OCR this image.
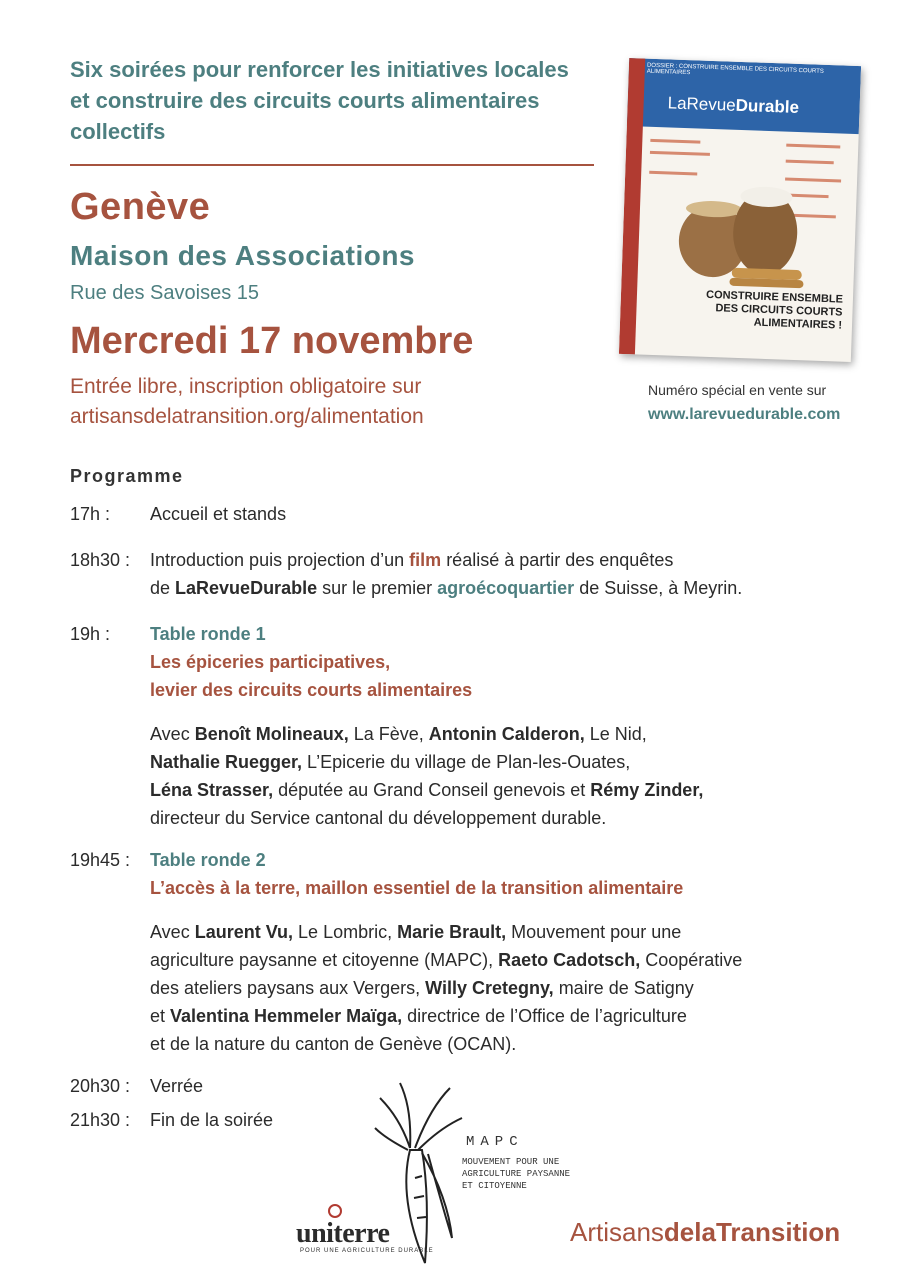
Six soirées pour renforcer les initiatives locales et construire des circuits courts alimentaires collectifs
Genève
Maison des Associations
Rue des Savoises 15
Mercredi 17 novembre
Entrée libre, inscription obligatoire sur
artisansdelatransition.org/alimentation
DOSSIER : CONSTRUIRE ENSEMBLE DES CIRCUITS COURTS ALIMENTAIRES
LaRevueDurable
CONSTRUIRE ENSEMBLE DES CIRCUITS COURTS ALIMENTAIRES !
Numéro spécial en vente sur
www.larevuedurable.com
Programme
17h :	Accueil et stands
18h30 :	Introduction puis projection d’un film réalisé à partir des enquêtes
de LaRevueDurable sur le premier agroécoquartier de Suisse, à Meyrin.
19h :	Table ronde 1
Les épiceries participatives,
levier des circuits courts alimentaires
Avec Benoît Molineaux, La Fève, Antonin Calderon, Le Nid,
Nathalie Ruegger, L’Epicerie du village de Plan-les-Ouates,
Léna Strasser, députée au Grand Conseil genevois et Rémy Zinder,
directeur du Service cantonal du développement durable.
19h45 :	Table ronde 2
L’accès à la terre, maillon essentiel de la transition alimentaire
Avec Laurent Vu, Le Lombric, Marie Brault, Mouvement pour une
agriculture paysanne et citoyenne (MAPC), Raeto Cadotsch, Coopérative
des ateliers paysans aux Vergers, Willy Cretegny, maire de Satigny
et Valentina Hemmeler Maïga, directrice de l’Office de l’agriculture
et de la nature du canton de Genève (OCAN).
20h30 :	Verrée
21h30 :	Fin de la soirée
MAPC
MOUVEMENT POUR UNE AGRICULTURE PAYSANNE ET CITOYENNE
uniterre
POUR UNE AGRICULTURE DURABLE
ArtisansdelaTransition
